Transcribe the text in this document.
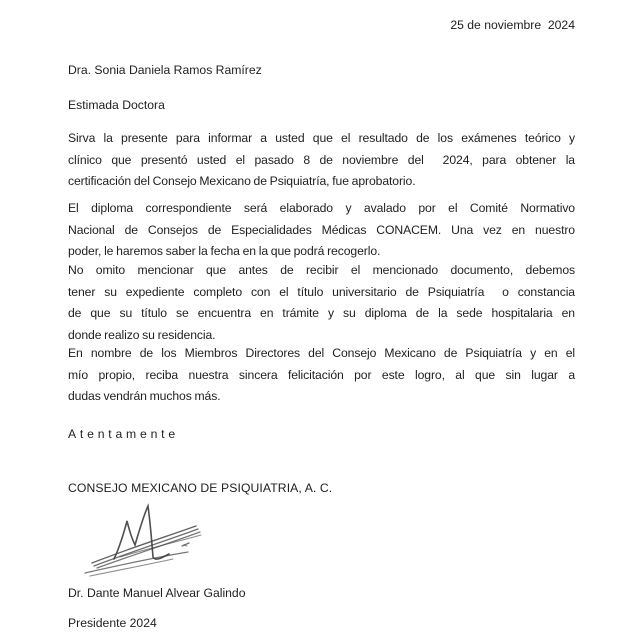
25 de noviembre  2024
Dra. Sonia Daniela Ramos Ramírez
Estimada Doctora
Sirva la presente para informar a usted que el resultado de los exámenes teórico y
clínico que presentó usted el pasado 8 de noviembre del  2024, para obtener la
certificación del Consejo Mexicano de Psiquiatría, fue aprobatorio.
El diploma correspondiente será elaborado y avalado por el Comité Normativo
Nacional de Consejos de Especialidades Médicas CONACEM. Una vez en nuestro
poder, le haremos saber la fecha en la que podrá recogerlo.
No omito mencionar que antes de recibir el mencionado documento, debemos
tener su expediente completo con el título universitario de Psiquiatría  o constancia
de que su título se encuentra en trámite y su diploma de la sede hospitalaria en
donde realizo su residencia.
En nombre de los Miembros Directores del Consejo Mexicano de Psiquiatría y en el
mío propio, reciba nuestra sincera felicitación por este logro, al que sin lugar a
dudas vendrán muchos más.
Atentamente
CONSEJO MEXICANO DE PSIQUIATRIA, A. C.
Dr. Dante Manuel Alvear Galindo
Presidente 2024
